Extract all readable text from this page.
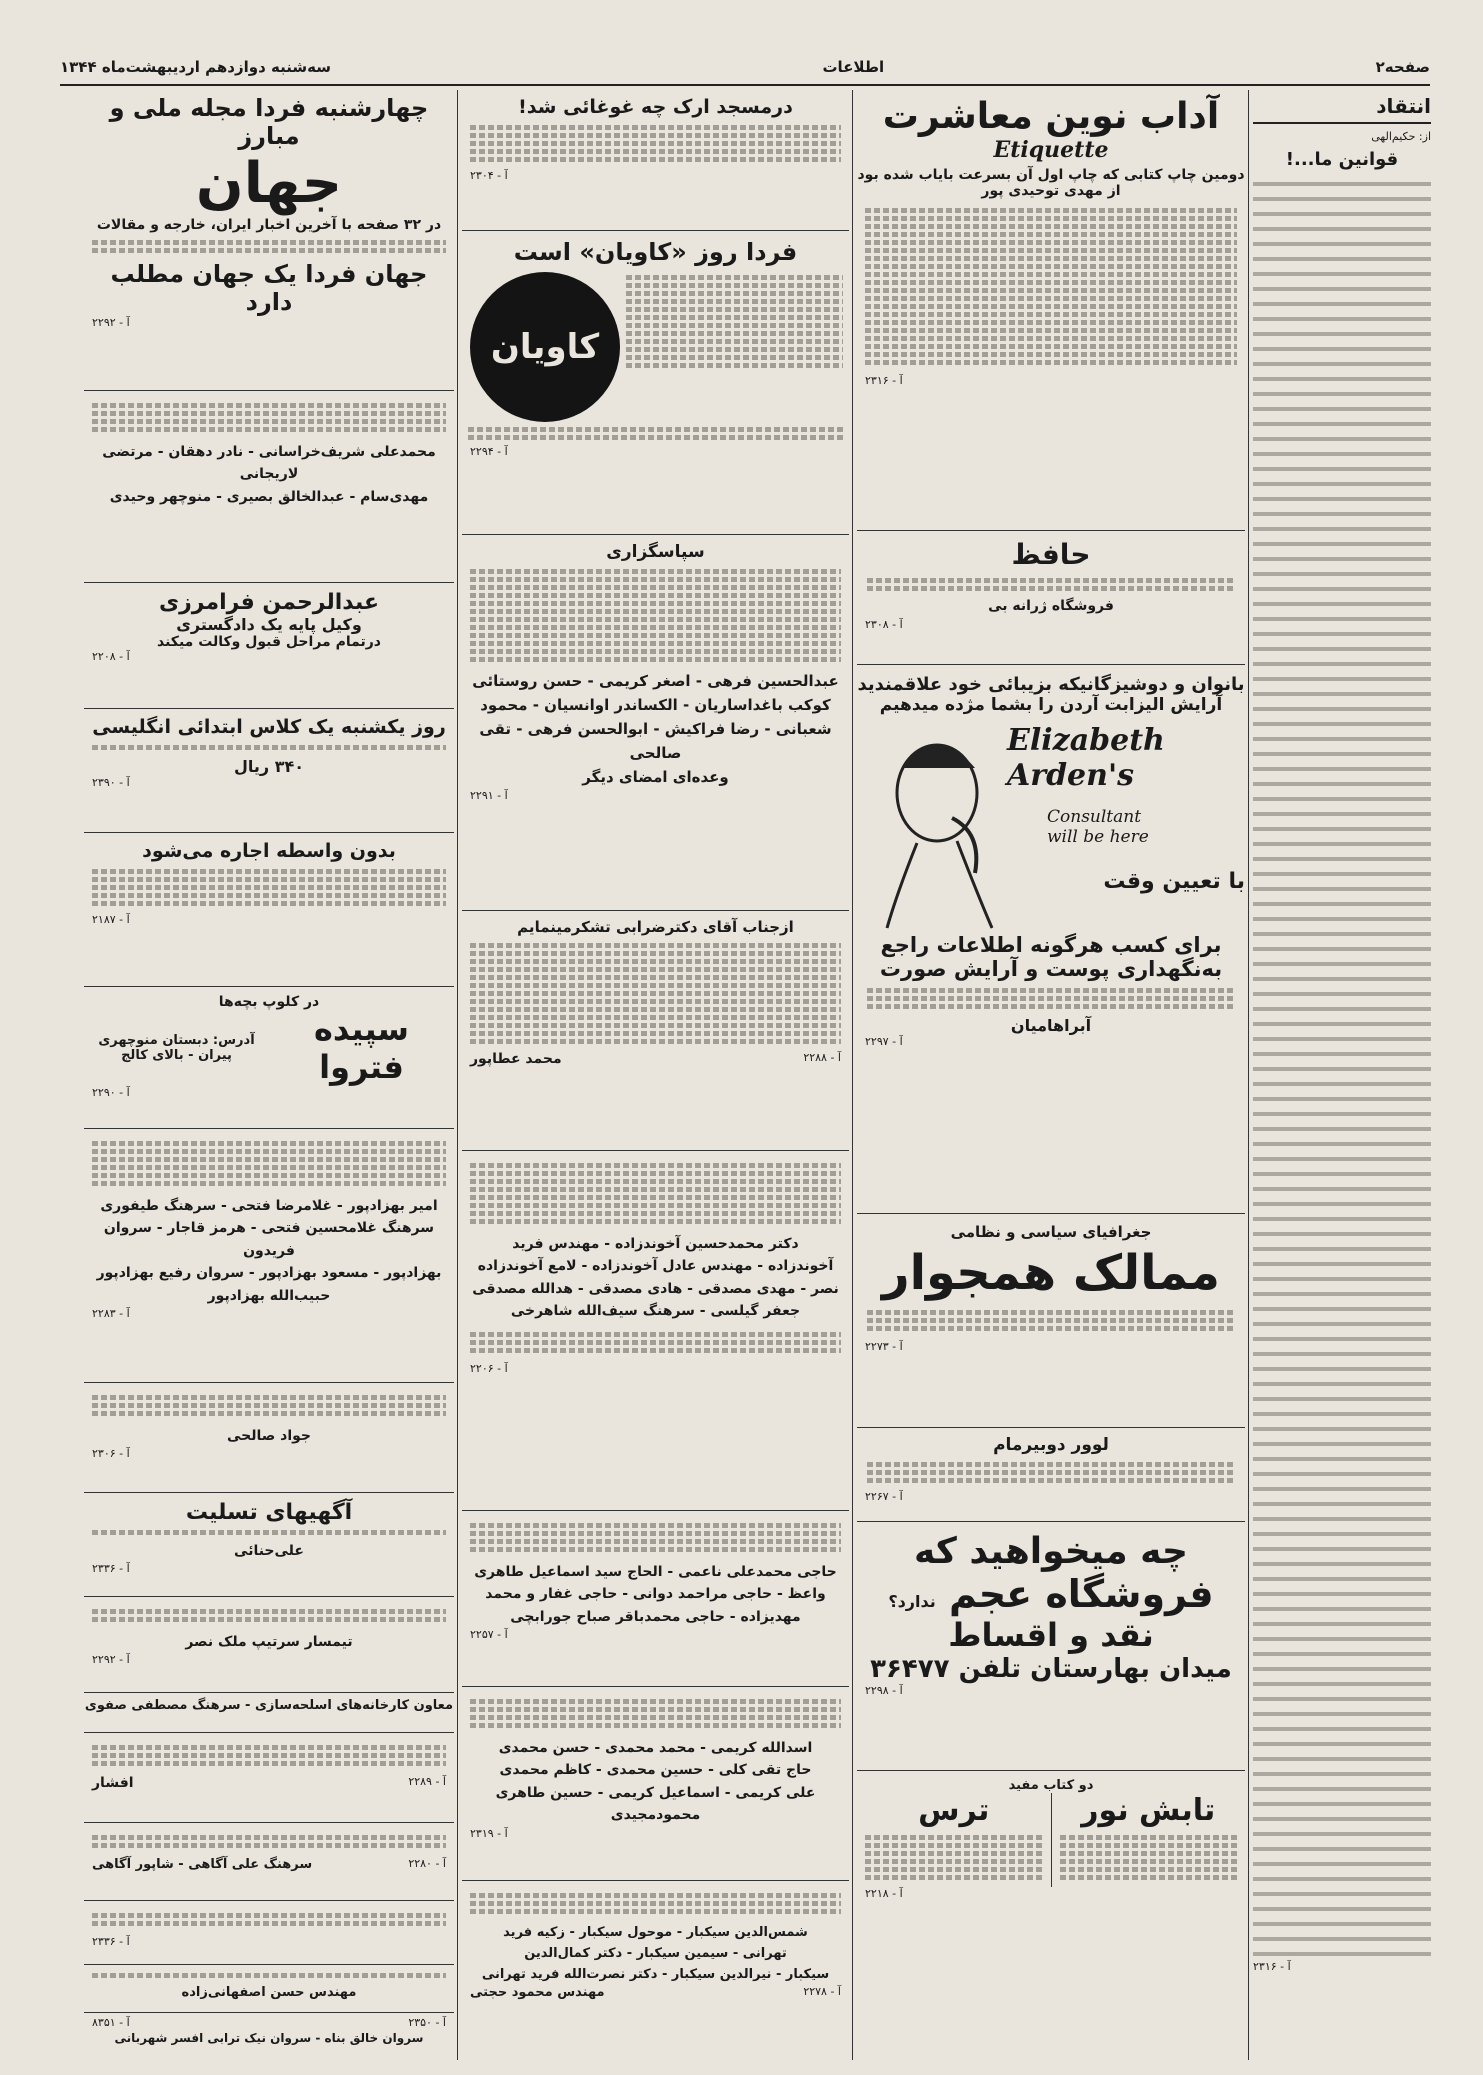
صفحه۲
اطلاعات
سه‌شنبه دوازدهم اردیبهشت‌ماه ۱۳۴۴
انتقاد
از: حکیم‌الهی
قوانین ما...!
آ - ۲۳۱۶
آداب نوین معاشرت
Etiquette
دومین چاپ کتابی که چاپ اول آن بسرعت بایاب شده بود
از مهدی توحیدی پور
آ - ۲۳۱۶
حافظ
فروشگاه ژرانه بی
آ - ۲۳۰۸
بانوان و دوشیزگانیکه بزیبائی خود علاقمندید
آرایش الیزابت آردن را بشما مژده میدهیم
Elizabeth Arden's
Consultant will be here
با تعیین وقت
برای کسب هرگونه اطلاعات راجع
به‌نگهداری پوست و آرایش صورت
آبراهامیان
آ - ۲۲۹۷
جغرافیای سیاسی و نظامی
ممالک همجوار
آ - ۲۲۷۳
لوور دوبیرمام
آ - ۲۲۶۷
چه میخواهید که
فروشگاه عجم ندارد؟
نقد و اقساط
میدان بهارستان تلفن ۳۶۴۷۷
آ - ۲۲۹۸
دو کتاب مفید
تابش نور
ترس
آ - ۲۲۱۸
درمسجد ارک چه غوغائی شد!
آ - ۲۳۰۴
فردا روز «کاویان» است
کاویان
آ - ۲۲۹۴
سپاسگزاری
عبدالحسین فرهی - اصغر کریمی - حسن روستائی
کوکب باغداساریان - الکساندر اوانسیان - محمود
شعبانی - رضا فراکیش - ابوالحسن فرهی - تقی صالحی
وعده‌ای امضای دیگر
آ - ۲۲۹۱
ازجناب آقای دکترضرابی تشکرمینمایم
آ - ۲۲۸۸
محمد عطاپور
دکتر محمدحسین آخوندزاده - مهندس فرید
آخوندزاده - مهندس عادل آخوندزاده - لامع آخوندزاده
نصر - مهدی مصدقی - هادی مصدقی - هدالله مصدقی
جعفر گیلسی - سرهنگ سیف‌الله شاهرخی
آ - ۲۲۰۶
حاجی محمدعلی ناعمی - الحاج سید اسماعیل طاهری
واعظ - حاجی مراحمد دوانی - حاجی غفار و محمد
مهدیزاده - حاجی محمدباقر صباح جورابچی
آ - ۲۲۵۷
اسدالله کریمی - محمد محمدی - حسن محمدی
حاج تقی کلی - حسین محمدی - کاظم محمدی
علی کریمی - اسماعیل کریمی - حسین طاهری
محمودمجیدی
آ - ۲۳۱۹
شمس‌الدین سیکبار - موحول سیکبار - زکیه فرید
تهرانی - سیمین سیکبار - دکتر کمال‌الدین
سیکبار - نیرالدین سیکبار - دکتر نصرت‌الله فرید تهرانی
آ - ۲۲۷۸
مهندس محمود حجتی
چهارشنبه فردا مجله ملی و مبارز
جهان
در ۳۲ صفحه با آخرین اخبار ایران، خارجه و مقالات
جهان فردا یک جهان مطلب دارد
آ - ۲۲۹۲
محمدعلی شریف‌خراسانی - نادر دهقان - مرتضی لاریجانی
مهدی‌سام - عبدالخالق بصیری - منوچهر وحیدی
عبدالرحمن فرامرزی
وکیل پایه یک دادگستری
درتمام مراحل قبول وکالت میکند
آ - ۲۲۰۸
روز یکشنبه یک کلاس ابتدائی انگلیسی
۳۴۰ ریال
آ - ۲۳۹۰
بدون واسطه اجاره می‌شود
آ - ۲۱۸۷
در کلوپ بچه‌ها
سپیده فتروا
آدرس: دبستان منوچهری
پیران - بالای کالج
آ - ۲۲۹۰
امیر بهزادپور - غلامرضا فتحی - سرهنگ طیفوری
سرهنگ غلامحسین فتحی - هرمز قاجار - سروان فریدون
بهزادپور - مسعود بهزادپور - سروان رفیع بهزادپور
حبیب‌الله بهزادپور
آ - ۲۲۸۳
جواد صالحی
آ - ۲۳۰۶
آگهیهای تسلیت
علی‌حنائی
آ - ۲۳۳۶
تیمسار سرتیپ ملک نصر
آ - ۲۲۹۲
معاون کارخانه‌های اسلحه‌سازی - سرهنگ مصطفی صفوی
آ - ۲۲۸۹
افشار
آ - ۲۲۸۰
سرهنگ علی آگاهی - شاپور آگاهی
آ - ۲۳۳۶
مهندس حسن اصفهانی‌زاده
آ - ۲۳۵۰
آ - ۸۳۵۱
سروان خالق بناه - سروان نیک ترابی افسر شهربانی
